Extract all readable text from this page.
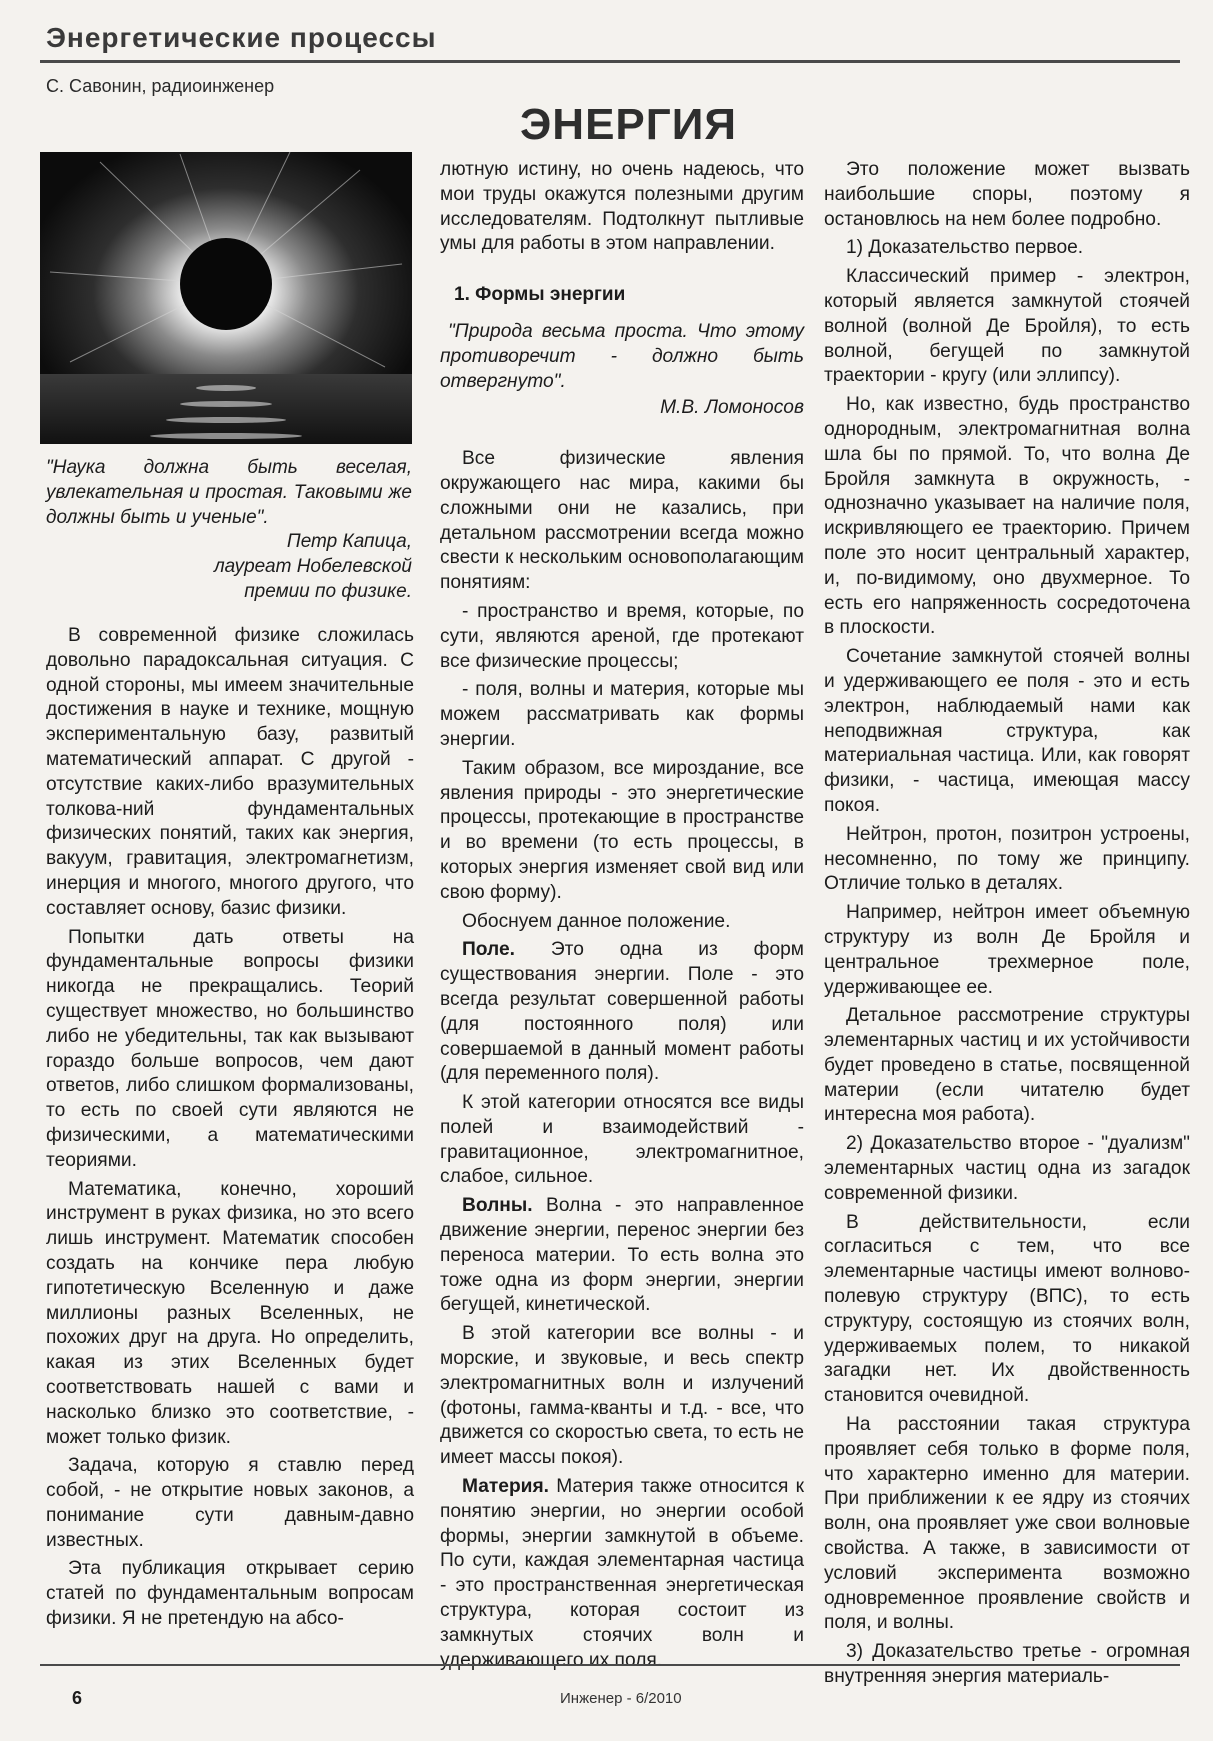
Энергетические процессы
С. Савонин, радиоинженер
ЭНЕРГИЯ
"Наука должна быть веселая, увлекательная и простая. Таковыми же должны быть и ученые".
Петр Капица,
лауреат Нобелевской
премии по физике.

В современной физике сложилась довольно парадоксальная ситуация. С одной стороны, мы имеем значительные достижения в науке и технике, мощную экспериментальную базу, развитый математический аппарат. С другой - отсутствие каких-либо вразумительных толкова-ний фундаментальных физических понятий, таких как энергия, вакуум, гравитация, электромагнетизм, инерция и многого, многого другого, что составляет основу, базис физики.

Попытки дать ответы на фундаментальные вопросы физики никогда не прекращались. Теорий существует множество, но большинство либо не убедительны, так как вызывают гораздо больше вопросов, чем дают ответов, либо слишком формализованы, то есть по своей сути являются не физическими, а математическими теориями.

Математика, конечно, хороший инструмент в руках физика, но это всего лишь инструмент. Математик способен создать на кончике пера любую гипотетическую Вселенную и даже миллионы разных Вселенных, не похожих друг на друга. Но определить, какая из этих Вселенных будет соответствовать нашей с вами и насколько близко это соответствие, - может только физик.

Задача, которую я ставлю перед собой, - не открытие новых законов, а понимание сути давным-давно известных.

Эта публикация открывает серию статей по фундаментальным вопросам физики. Я не претендую на абсо-

лютную истину, но очень надеюсь, что мои труды окажутся полезными другим исследователям. Подтолкнут пытливые умы для работы в этом направлении.

1. Формы энергии
"Природа весьма проста. Что этому противоречит - должно быть отвергнуто".
М.В. Ломоносов

Все физические явления окружающего нас мира, какими бы сложными они не казались, при детальном рассмотрении всегда можно свести к нескольким основополагающим понятиям:

- пространство и время, которые, по сути, являются ареной, где протекают все физические процессы;

- поля, волны и материя, которые мы можем рассматривать как формы энергии.

Таким образом, все мироздание, все явления природы - это энергетические процессы, протекающие в пространстве и во времени (то есть процессы, в которых энергия изменяет свой вид или свою форму).

Обоснуем данное положение.

Поле. Это одна из форм существования энергии. Поле - это всегда результат совершенной работы (для постоянного поля) или совершаемой в данный момент работы (для переменного поля).

К этой категории относятся все виды полей и взаимодействий - гравитационное, электромагнитное, слабое, сильное.

Волны. Волна - это направленное движение энергии, перенос энергии без переноса материи. То есть волна это тоже одна из форм энергии, энергии бегущей, кинетической.

В этой категории все волны - и морские, и звуковые, и весь спектр электромагнитных волн и излучений (фотоны, гамма-кванты и т.д. - все, что движется со скоростью света, то есть не имеет массы покоя).

Материя. Материя также относится к понятию энергии, но энергии особой формы, энергии замкнутой в объеме. По сути, каждая элементарная частица - это пространственная энергетическая структура, которая состоит из замкнутых стоячих волн и удерживающего их поля.

Это положение может вызвать наибольшие споры, поэтому я остановлюсь на нем более подробно.

1) Доказательство первое.

Классический пример - электрон, который является замкнутой стоячей волной (волной Де Бройля), то есть волной, бегущей по замкнутой траектории - кругу (или эллипсу).

Но, как известно, будь пространство однородным, электромагнитная волна шла бы по прямой. То, что волна Де Бройля замкнута в окружность, - однозначно указывает на наличие поля, искривляющего ее траекторию. Причем поле это носит центральный характер, и, по-видимому, оно двухмерное. То есть его напряженность сосредоточена в плоскости.

Сочетание замкнутой стоячей волны и удерживающего ее поля - это и есть электрон, наблюдаемый нами как неподвижная структура, как материальная частица. Или, как говорят физики, - частица, имеющая массу покоя.

Нейтрон, протон, позитрон устроены, несомненно, по тому же принципу. Отличие только в деталях.

Например, нейтрон имеет объемную структуру из волн Де Бройля и центральное трехмерное поле, удерживающее ее.

Детальное рассмотрение структуры элементарных частиц и их устойчивости будет проведено в статье, посвященной материи (если читателю будет интересна моя работа).

2) Доказательство второе - "дуализм" элементарных частиц одна из загадок современной физики.

В действительности, если согласиться с тем, что все элементарные частицы имеют волново-полевую структуру (ВПС), то есть структуру, состоящую из стоячих волн, удерживаемых полем, то никакой загадки нет. Их двойственность становится очевидной.

На расстоянии такая структура проявляет себя только в форме поля, что характерно именно для материи. При приближении к ее ядру из стоячих волн, она проявляет уже свои волновые свойства. А также, в зависимости от условий эксперимента возможно одновременное проявление свойств и поля, и волны.

3) Доказательство третье - огромная внутренняя энергия материаль-

6	Инженер - 6/2010
